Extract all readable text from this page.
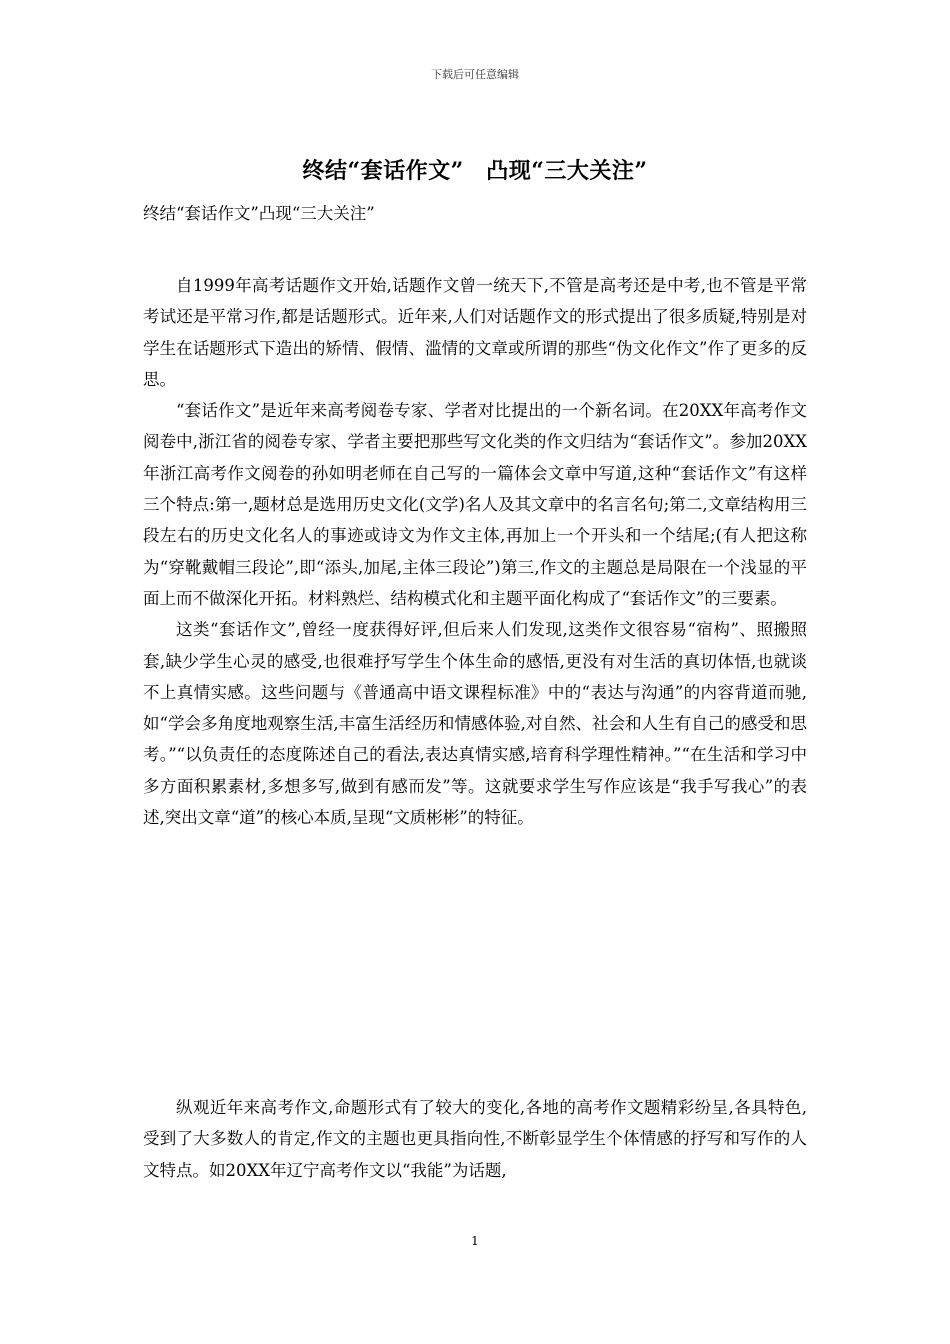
下载后可任意编辑
终结“套话作文”　凸现“三大关注”
终结“套话作文”凸现“三大关注”

自1999年高考话题作文开始,话题作文曾一统天下,不管是高考还是中考,也不管是平常考试还是平常习作,都是话题形式。近年来,人们对话题作文的形式提出了很多质疑,特别是对学生在话题形式下造出的矫情、假情、滥情的文章或所谓的那些“伪文化作文”作了更多的反思。

“套话作文”是近年来高考阅卷专家、学者对比提出的一个新名词。在20XX年高考作文阅卷中,浙江省的阅卷专家、学者主要把那些写文化类的作文归结为“套话作文”。参加20XX年浙江高考作文阅卷的孙如明老师在自己写的一篇体会文章中写道,这种“套话作文”有这样三个特点:第一,题材总是选用历史文化(文学)名人及其文章中的名言名句;第二,文章结构用三段左右的历史文化名人的事迹或诗文为作文主体,再加上一个开头和一个结尾;(有人把这称为“穿靴戴帽三段论”,即“添头,加尾,主体三段论”)第三,作文的主题总是局限在一个浅显的平面上而不做深化开拓。材料熟烂、结构模式化和主题平面化构成了“套话作文”的三要素。

这类“套话作文”,曾经一度获得好评,但后来人们发现,这类作文很容易“宿构”、照搬照套,缺少学生心灵的感受,也很难抒写学生个体生命的感悟,更没有对生活的真切体悟,也就谈不上真情实感。这些问题与《普通高中语文课程标准》中的“表达与沟通”的内容背道而驰,如“学会多角度地观察生活,丰富生活经历和情感体验,对自然、社会和人生有自己的感受和思考。”“以负责任的态度陈述自己的看法,表达真情实感,培育科学理性精神。”“在生活和学习中多方面积累素材,多想多写,做到有感而发”等。这就要求学生写作应该是“我手写我心”的表述,突出文章“道”的核心本质,呈现“文质彬彬”的特征。

纵观近年来高考作文,命题形式有了较大的变化,各地的高考作文题精彩纷呈,各具特色,受到了大多数人的肯定,作文的主题也更具指向性,不断彰显学生个体情感的抒写和写作的人文特点。如20XX年辽宁高考作文以“我能”为话题,

1
